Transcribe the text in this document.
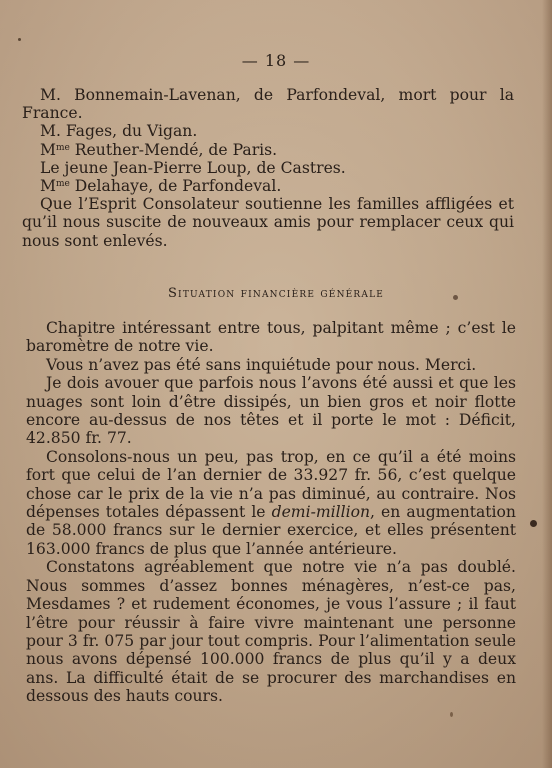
— 18 —

M. Bonnemain-Lavenan, de Parfondeval, mort pour la France.

M. Fages, du Vigan.

$M^{me}$ Reuther-Mendé, de Paris.

Le jeune Jean-Pierre Loup, de Castres.

$M^{me}$ Delahaye, de Parfondeval.

Que l’Esprit Consolateur soutienne les familles affligées et qu’il nous suscite de nouveaux amis pour remplacer ceux qui nous sont enlevés.

Situation financière générale

Chapitre intéressant entre tous, palpitant même ; c’est le baromètre de notre vie.

Vous n’avez pas été sans inquiétude pour nous. Merci.

Je dois avouer que parfois nous l’avons été aussi et que les nuages sont loin d’être dissipés, un bien gros et noir flotte encore au-dessus de nos têtes et il porte le mot : Déficit, 42.850 fr. 77.

Consolons-nous un peu, pas trop, en ce qu’il a été moins fort que celui de l’an dernier de 33.927 fr. 56, c’est quelque chose car le prix de la vie n’a pas diminué, au contraire. Nos dépenses totales dépassent le demi-million, en augmentation de 58.000 francs sur le dernier exercice, et elles présentent 163.000 francs de plus que l’année antérieure.

Constatons agréablement que notre vie n’a pas doublé. Nous sommes d’assez bonnes ménagères, n’est-ce pas, Mesdames ? et rudement économes, je vous l’assure ; il faut l’être pour réussir à faire vivre maintenant une personne pour 3 fr. 075 par jour tout compris. Pour l’alimentation seule nous avons dépensé 100.000 francs de plus qu’il y a deux ans. La difficulté était de se procurer des marchandises en dessous des hauts cours.
